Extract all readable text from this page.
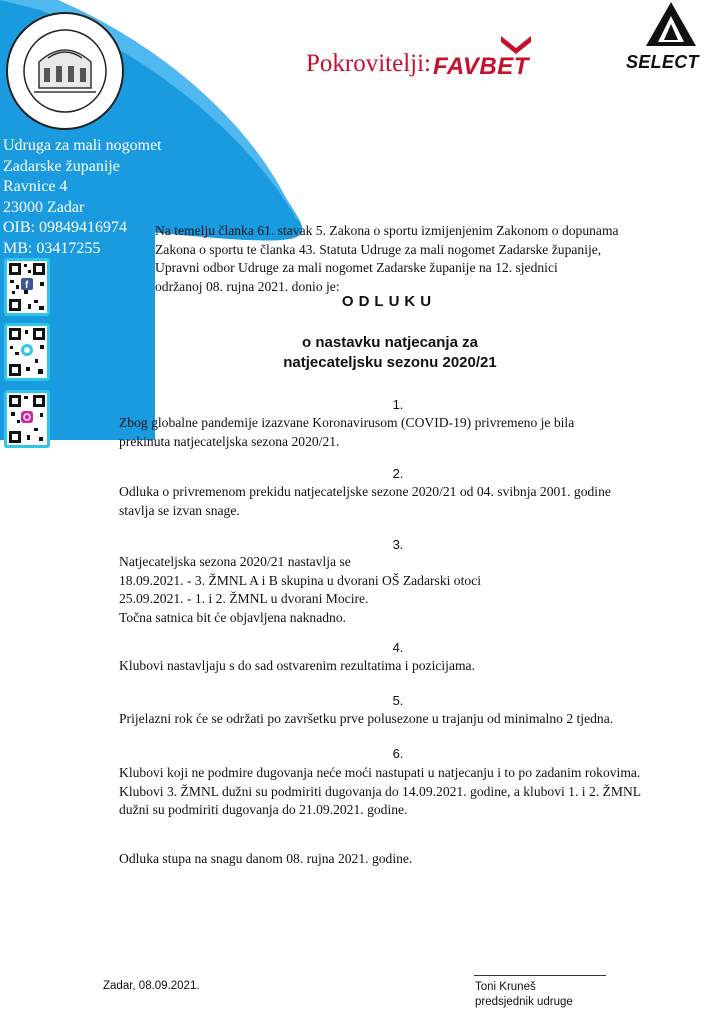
Pokrovitelji: FAVBET	SELECT
Udruga za mali nogomet
Zadarske županije
Ravnice 4
23000 Zadar
OIB: 09849416974
MB: 03417255
f
Na temelju članka 61. stavak 5. Zakona o sportu izmijenjenim Zakonom o dopunama
Zakona o sportu te članka 43. Statuta Udruge za mali nogomet Zadarske županije,
Upravni odbor Udruge za mali nogomet Zadarske županije na 12. sjednici
održanoj 08. rujna 2021. donio je:
ODLUKU
o nastavku natjecanja za
natjecateljsku sezonu 2020/21
1.
Zbog globalne pandemije izazvane Koronavirusom (COVID-19) privremeno je bila
prekinuta natjecateljska sezona 2020/21.
2.
Odluka o privremenom prekidu natjecateljske sezone 2020/21 od 04. svibnja 2001. godine
stavlja se izvan snage.
3.
Natjecateljska sezona 2020/21 nastavlja se
18.09.2021. - 3. ŽMNL A i B skupina u dvorani OŠ Zadarski otoci
25.09.2021. - 1. i 2. ŽMNL u dvorani Mocire.
Točna satnica bit će objavljena naknadno.
4.
Klubovi nastavljaju s do sad ostvarenim rezultatima i pozicijama.
5.
Prijelazni rok će se održati po završetku prve polusezone u trajanju od minimalno 2 tjedna.
6.
Klubovi koji ne podmire dugovanja neće moći nastupati u natjecanju i to po zadanim rokovima.
Klubovi 3. ŽMNL dužni su podmiriti dugovanja do 14.09.2021. godine, a klubovi 1. i 2. ŽMNL
dužni su podmiriti dugovanja do 21.09.2021. godine.
Odluka stupa na snagu danom 08. rujna 2021. godine.
Zadar, 08.09.2021.	Toni Kruneš
predsjednik udruge
